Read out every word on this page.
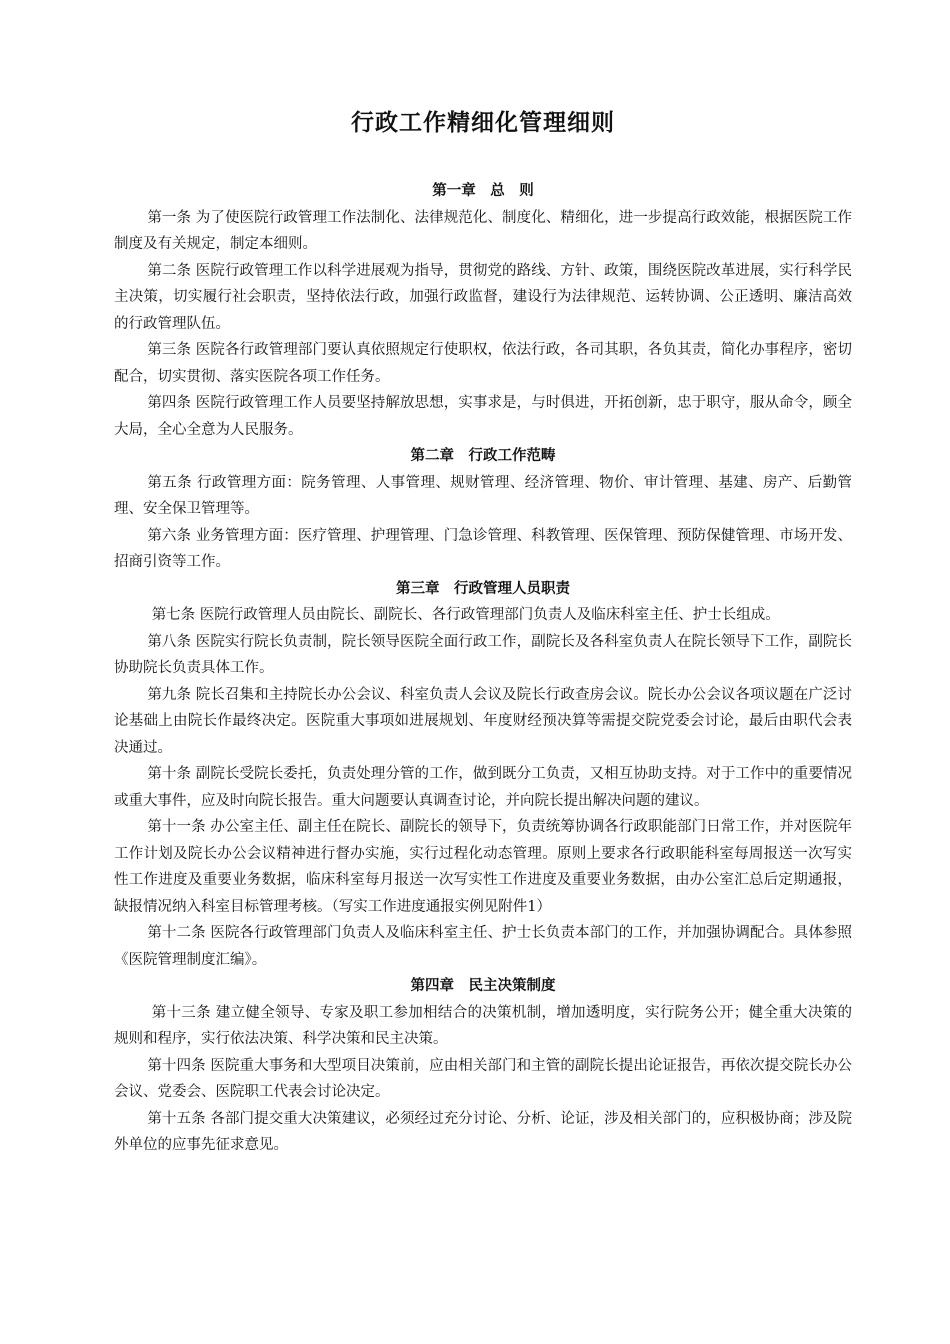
行政工作精细化管理细则
第一章　总　则

第一条 为了使医院行政管理工作法制化、法律规范化、制度化、精细化，进一步提高行政效能，根据医院工作制度及有关规定，制定本细则。

第二条 医院行政管理工作以科学进展观为指导，贯彻党的路线、方针、政策，围绕医院改革进展，实行科学民主决策，切实履行社会职责，坚持依法行政，加强行政监督，建设行为法律规范、运转协调、公正透明、廉洁高效的行政管理队伍。

第三条 医院各行政管理部门要认真依照规定行使职权，依法行政，各司其职，各负其责，简化办事程序，密切配合，切实贯彻、落实医院各项工作任务。

第四条 医院行政管理工作人员要坚持解放思想，实事求是，与时俱进，开拓创新，忠于职守，服从命令，顾全大局，全心全意为人民服务。

第二章　行政工作范畴

第五条 行政管理方面：院务管理、人事管理、规财管理、经济管理、物价、审计管理、基建、房产、后勤管理、安全保卫管理等。

第六条 业务管理方面：医疗管理、护理管理、门急诊管理、科教管理、医保管理、预防保健管理、市场开发、招商引资等工作。

第三章　行政管理人员职责

第七条 医院行政管理人员由院长、副院长、各行政管理部门负责人及临床科室主任、护士长组成。

第八条 医院实行院长负责制，院长领导医院全面行政工作，副院长及各科室负责人在院长领导下工作，副院长协助院长负责具体工作。

第九条 院长召集和主持院长办公会议、科室负责人会议及院长行政查房会议。院长办公会议各项议题在广泛讨论基础上由院长作最终决定。医院重大事项如进展规划、年度财经预决算等需提交院党委会讨论，最后由职代会表决通过。

第十条 副院长受院长委托，负责处理分管的工作，做到既分工负责，又相互协助支持。对于工作中的重要情况或重大事件，应及时向院长报告。重大问题要认真调查讨论，并向院长提出解决问题的建议。

第十一条 办公室主任、副主任在院长、副院长的领导下，负责统筹协调各行政职能部门日常工作，并对医院年工作计划及院长办公会议精神进行督办实施，实行过程化动态管理。原则上要求各行政职能科室每周报送一次写实性工作进度及重要业务数据，临床科室每月报送一次写实性工作进度及重要业务数据，由办公室汇总后定期通报，缺报情况纳入科室目标管理考核。（写实工作进度通报实例见附件1）

第十二条 医院各行政管理部门负责人及临床科室主任、护士长负责本部门的工作，并加强协调配合。具体参照《医院管理制度汇编》。

第四章　民主决策制度

第十三条 建立健全领导、专家及职工参加相结合的决策机制，增加透明度，实行院务公开；健全重大决策的规则和程序，实行依法决策、科学决策和民主决策。

第十四条 医院重大事务和大型项目决策前，应由相关部门和主管的副院长提出论证报告，再依次提交院长办公会议、党委会、医院职工代表会讨论决定。

第十五条 各部门提交重大决策建议，必须经过充分讨论、分析、论证，涉及相关部门的，应积极协商；涉及院外单位的应事先征求意见。
